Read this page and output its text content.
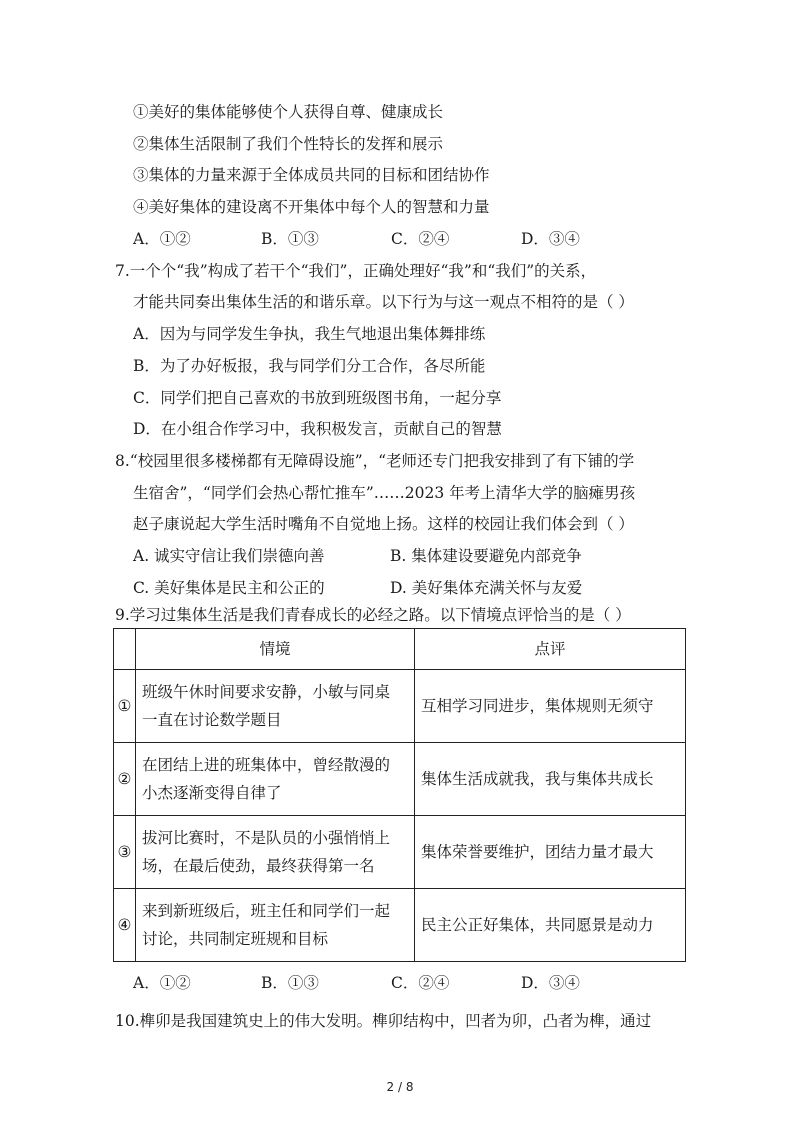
①美好的集体能够使个人获得自尊、健康成长
②集体生活限制了我们个性特长的发挥和展示
③集体的力量来源于全体成员共同的目标和团结协作
④美好集体的建设离不开集体中每个人的智慧和力量
A．①②	B．①③	C．②④	D．③④
7.一个个“我”构成了若干个“我们”，正确处理好“我”和“我们”的关系，
才能共同奏出集体生活的和谐乐章。以下行为与这一观点不相符的是（ ）
A．因为与同学发生争执，我生气地退出集体舞排练
B．为了办好板报，我与同学们分工合作，各尽所能
C．同学们把自己喜欢的书放到班级图书角，一起分享
D．在小组合作学习中，我积极发言，贡献自己的智慧
8.“校园里很多楼梯都有无障碍设施”，“老师还专门把我安排到了有下铺的学
生宿舍”，“同学们会热心帮忙推车”……2023 年考上清华大学的脑瘫男孩
赵子康说起大学生活时嘴角不自觉地上扬。这样的校园让我们体会到（ ）
A. 诚实守信让我们崇德向善	B. 集体建设要避免内部竞争
C. 美好集体是民主和公正的	D. 美好集体充满关怀与友爱
9.学习过集体生活是我们青春成长的必经之路。以下情境点评恰当的是（ ）
	情境	点评
①	班级午休时间要求安静，小敏与同桌
一直在讨论数学题目	互相学习同进步，集体规则无须守
②	在团结上进的班集体中，曾经散漫的
小杰逐渐变得自律了	集体生活成就我，我与集体共成长
③	拔河比赛时，不是队员的小强悄悄上
场，在最后使劲，最终获得第一名	集体荣誉要维护，团结力量才最大
④	来到新班级后，班主任和同学们一起
讨论，共同制定班规和目标	民主公正好集体，共同愿景是动力
A．①②	B．①③	C．②④	D．③④
10.榫卯是我国建筑史上的伟大发明。榫卯结构中，凹者为卯，凸者为榫，通过
2 / 8
